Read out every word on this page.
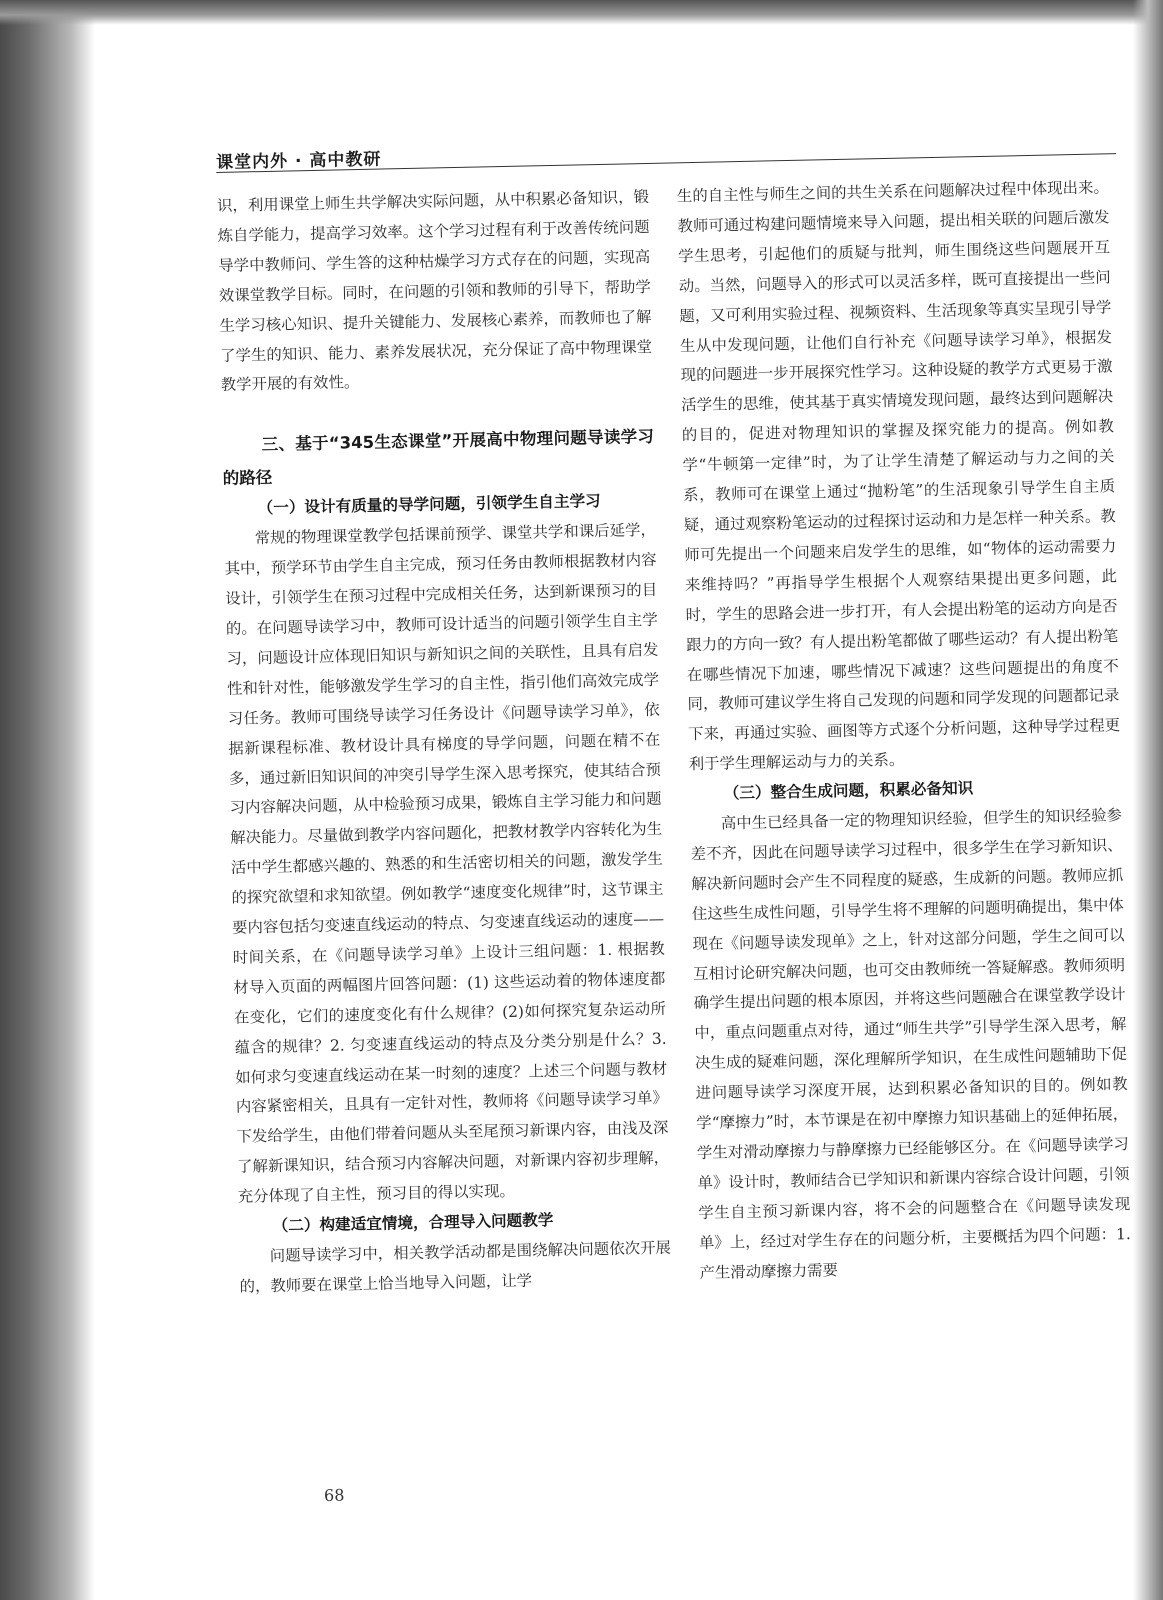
课堂内外 · 高中教研

识，利用课堂上师生共学解决实际问题，从中积累必备知识，锻炼自学能力，提高学习效率。这个学习过程有利于改善传统问题导学中教师问、学生答的这种枯燥学习方式存在的问题，实现高效课堂教学目标。同时，在问题的引领和教师的引导下，帮助学生学习核心知识、提升关键能力、发展核心素养，而教师也了解了学生的知识、能力、素养发展状况，充分保证了高中物理课堂教学开展的有效性。

三、基于“345生态课堂”开展高中物理问题导读学习的路径
（一）设计有质量的导学问题，引领学生自主学习

常规的物理课堂教学包括课前预学、课堂共学和课后延学，其中，预学环节由学生自主完成，预习任务由教师根据教材内容设计，引领学生在预习过程中完成相关任务，达到新课预习的目的。在问题导读学习中，教师可设计适当的问题引领学生自主学习，问题设计应体现旧知识与新知识之间的关联性，且具有启发性和针对性，能够激发学生学习的自主性，指引他们高效完成学习任务。教师可围绕导读学习任务设计《问题导读学习单》，依据新课程标准、教材设计具有梯度的导学问题，问题在精不在多，通过新旧知识间的冲突引导学生深入思考探究，使其结合预习内容解决问题，从中检验预习成果，锻炼自主学习能力和问题解决能力。尽量做到教学内容问题化，把教材教学内容转化为生活中学生都感兴趣的、熟悉的和生活密切相关的问题，激发学生的探究欲望和求知欲望。例如教学“速度变化规律”时，这节课主要内容包括匀变速直线运动的特点、匀变速直线运动的速度——时间关系，在《问题导读学习单》上设计三组问题：1. 根据教材导入页面的两幅图片回答问题：(1) 这些运动着的物体速度都在变化，它们的速度变化有什么规律？(2)如何探究复杂运动所蕴含的规律？2. 匀变速直线运动的特点及分类分别是什么？3. 如何求匀变速直线运动在某一时刻的速度？上述三个问题与教材内容紧密相关，且具有一定针对性，教师将《问题导读学习单》下发给学生，由他们带着问题从头至尾预习新课内容，由浅及深了解新课知识，结合预习内容解决问题，对新课内容初步理解，充分体现了自主性，预习目的得以实现。

（二）构建适宜情境，合理导入问题教学

问题导读学习中，相关教学活动都是围绕解决问题依次开展的，教师要在课堂上恰当地导入问题，让学

生的自主性与师生之间的共生关系在问题解决过程中体现出来。教师可通过构建问题情境来导入问题，提出相关联的问题后激发学生思考，引起他们的质疑与批判，师生围绕这些问题展开互动。当然，问题导入的形式可以灵活多样，既可直接提出一些问题，又可利用实验过程、视频资料、生活现象等真实呈现引导学生从中发现问题，让他们自行补充《问题导读学习单》，根据发现的问题进一步开展探究性学习。这种设疑的教学方式更易于激活学生的思维，使其基于真实情境发现问题，最终达到问题解决的目的，促进对物理知识的掌握及探究能力的提高。例如教学“牛顿第一定律”时，为了让学生清楚了解运动与力之间的关系，教师可在课堂上通过“抛粉笔”的生活现象引导学生自主质疑，通过观察粉笔运动的过程探讨运动和力是怎样一种关系。教师可先提出一个问题来启发学生的思维，如“物体的运动需要力来维持吗？”再指导学生根据个人观察结果提出更多问题，此时，学生的思路会进一步打开，有人会提出粉笔的运动方向是否跟力的方向一致？有人提出粉笔都做了哪些运动？有人提出粉笔在哪些情况下加速，哪些情况下减速？这些问题提出的角度不同，教师可建议学生将自己发现的问题和同学发现的问题都记录下来，再通过实验、画图等方式逐个分析问题，这种导学过程更利于学生理解运动与力的关系。

（三）整合生成问题，积累必备知识

高中生已经具备一定的物理知识经验，但学生的知识经验参差不齐，因此在问题导读学习过程中，很多学生在学习新知识、解决新问题时会产生不同程度的疑惑，生成新的问题。教师应抓住这些生成性问题，引导学生将不理解的问题明确提出，集中体现在《问题导读发现单》之上，针对这部分问题，学生之间可以互相讨论研究解决问题，也可交由教师统一答疑解惑。教师须明确学生提出问题的根本原因，并将这些问题融合在课堂教学设计中，重点问题重点对待，通过“师生共学”引导学生深入思考，解决生成的疑难问题，深化理解所学知识，在生成性问题辅助下促进问题导读学习深度开展，达到积累必备知识的目的。例如教学“摩擦力”时，本节课是在初中摩擦力知识基础上的延伸拓展，学生对滑动摩擦力与静摩擦力已经能够区分。在《问题导读学习单》设计时，教师结合已学知识和新课内容综合设计问题，引领学生自主预习新课内容，将不会的问题整合在《问题导读发现单》上，经过对学生存在的问题分析，主要概括为四个问题：1. 产生滑动摩擦力需要

68
